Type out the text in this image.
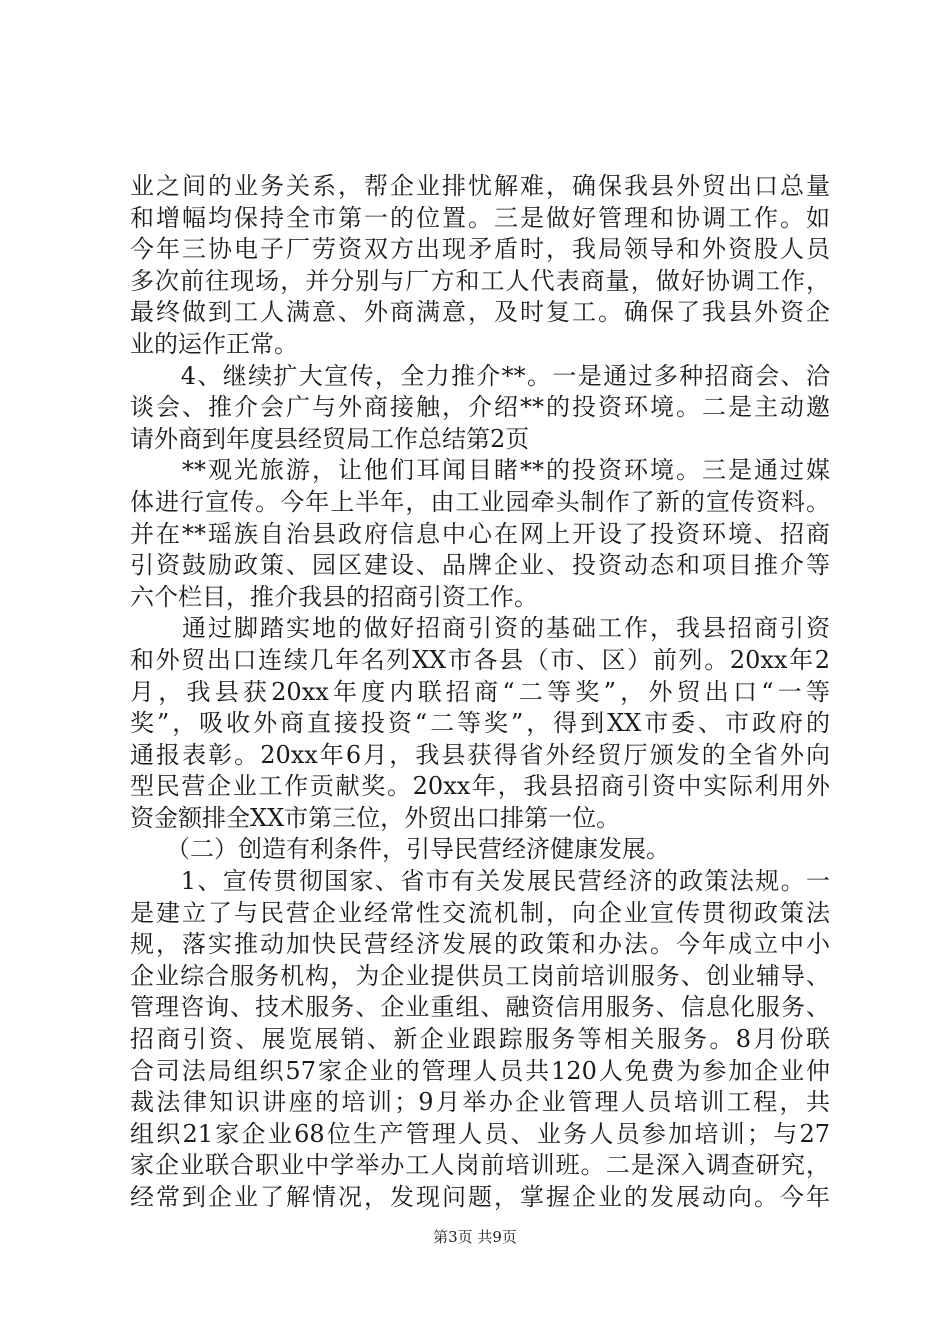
业之间的业务关系，帮企业排忧解难，确保我县外贸出口总量
和增幅均保持全市第一的位置。三是做好管理和协调工作。如
今年三协电子厂劳资双方出现矛盾时，我局领导和外资股人员
多次前往现场，并分别与厂方和工人代表商量，做好协调工作，
最终做到工人满意、外商满意，及时复工。确保了我县外资企
业的运作正常。
　　4、继续扩大宣传，全力推介**。一是通过多种招商会、洽
谈会、推介会广与外商接触，介绍**的投资环境。二是主动邀
请外商到年度县经贸局工作总结第2页
　　**观光旅游，让他们耳闻目睹**的投资环境。三是通过媒
体进行宣传。今年上半年，由工业园牵头制作了新的宣传资料。
并在**瑶族自治县政府信息中心在网上开设了投资环境、招商
引资鼓励政策、园区建设、品牌企业、投资动态和项目推介等
六个栏目，推介我县的招商引资工作。
　　通过脚踏实地的做好招商引资的基础工作，我县招商引资
和外贸出口连续几年名列XX市各县（市、区）前列。20xx年2
月，我县获20xx年度内联招商“二等奖”，外贸出口“一等
奖”，吸收外商直接投资“二等奖”，得到XX市委、市政府的
通报表彰。20xx年6月，我县获得省外经贸厅颁发的全省外向
型民营企业工作贡献奖。20xx年，我县招商引资中实际利用外
资金额排全XX市第三位，外贸出口排第一位。
　　（二）创造有利条件，引导民营经济健康发展。
　　1、宣传贯彻国家、省市有关发展民营经济的政策法规。一
是建立了与民营企业经常性交流机制，向企业宣传贯彻政策法
规，落实推动加快民营经济发展的政策和办法。今年成立中小
企业综合服务机构，为企业提供员工岗前培训服务、创业辅导、
管理咨询、技术服务、企业重组、融资信用服务、信息化服务、
招商引资、展览展销、新企业跟踪服务等相关服务。8月份联
合司法局组织57家企业的管理人员共120人免费为参加企业仲
裁法律知识讲座的培训；9月举办企业管理人员培训工程，共
组织21家企业68位生产管理人员、业务人员参加培训；与27
家企业联合职业中学举办工人岗前培训班。二是深入调查研究，
经常到企业了解情况，发现问题，掌握企业的发展动向。今年
第3页 共9页
